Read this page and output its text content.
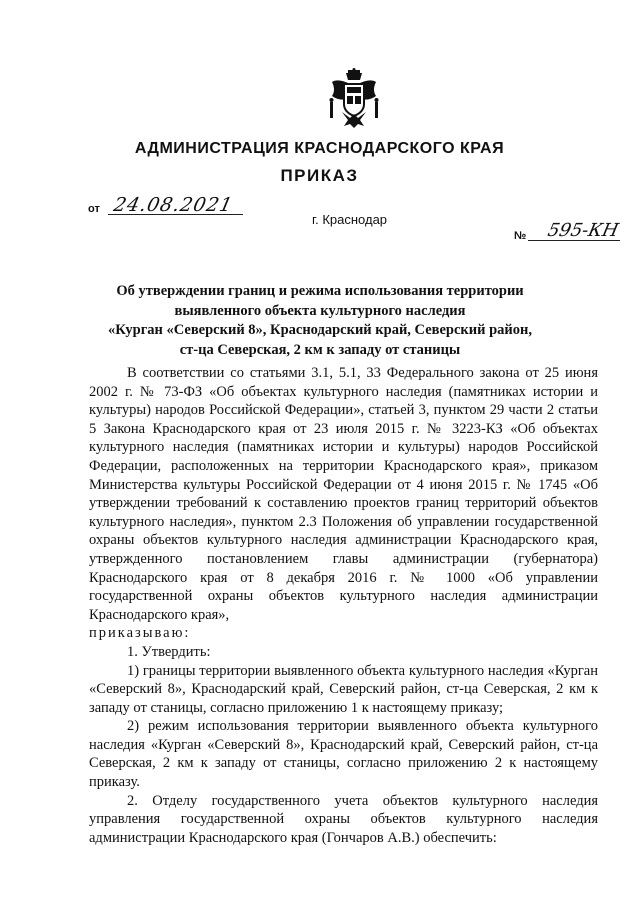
АДМИНИСТРАЦИЯ КРАСНОДАРСКОГО КРАЯ
ПРИКАЗ
от 24.08.2021
г. Краснодар
№ 595-КН
Об утверждении границ и режима использования территории
выявленного объекта культурного наследия
«Курган «Северский 8», Краснодарский край, Северский район,
ст-ца Северская, 2 км к западу от станицы

В соответствии со статьями 3.1, 5.1, 33 Федерального закона от 25 июня 2002 г. № 73-ФЗ «Об объектах культурного наследия (памятниках истории и культуры) народов Российской Федерации», статьей 3, пунктом 29 части 2 статьи 5 Закона Краснодарского края от 23 июля 2015 г. № 3223-КЗ «Об объектах культурного наследия (памятниках истории и культуры) народов Российской Федерации, расположенных на территории Краснодарского края», приказом Министерства культуры Российской Федерации от 4 июня 2015 г. № 1745 «Об утверждении требований к составлению проектов границ территорий объектов культурного наследия», пунктом 2.3 Положения об управлении государственной охраны объектов культурного наследия администрации Краснодарского края, утвержденного постановлением главы администрации (губернатора) Краснодарского края от 8 декабря 2016 г. № 1000 «Об управлении государственной охраны объектов культурного наследия администрации Краснодарского края»,

приказываю:

1. Утвердить:

1) границы территории выявленного объекта культурного наследия «Курган «Северский 8», Краснодарский край, Северский район, ст-ца Северская, 2 км к западу от станицы, согласно приложению 1 к настоящему приказу;

2) режим использования территории выявленного объекта культурного наследия «Курган «Северский 8», Краснодарский край, Северский район, ст-ца Северская, 2 км к западу от станицы, согласно приложению 2 к настоящему приказу.

2. Отделу государственного учета объектов культурного наследия управления государственной охраны объектов культурного наследия администрации Краснодарского края (Гончаров А.В.) обеспечить:
